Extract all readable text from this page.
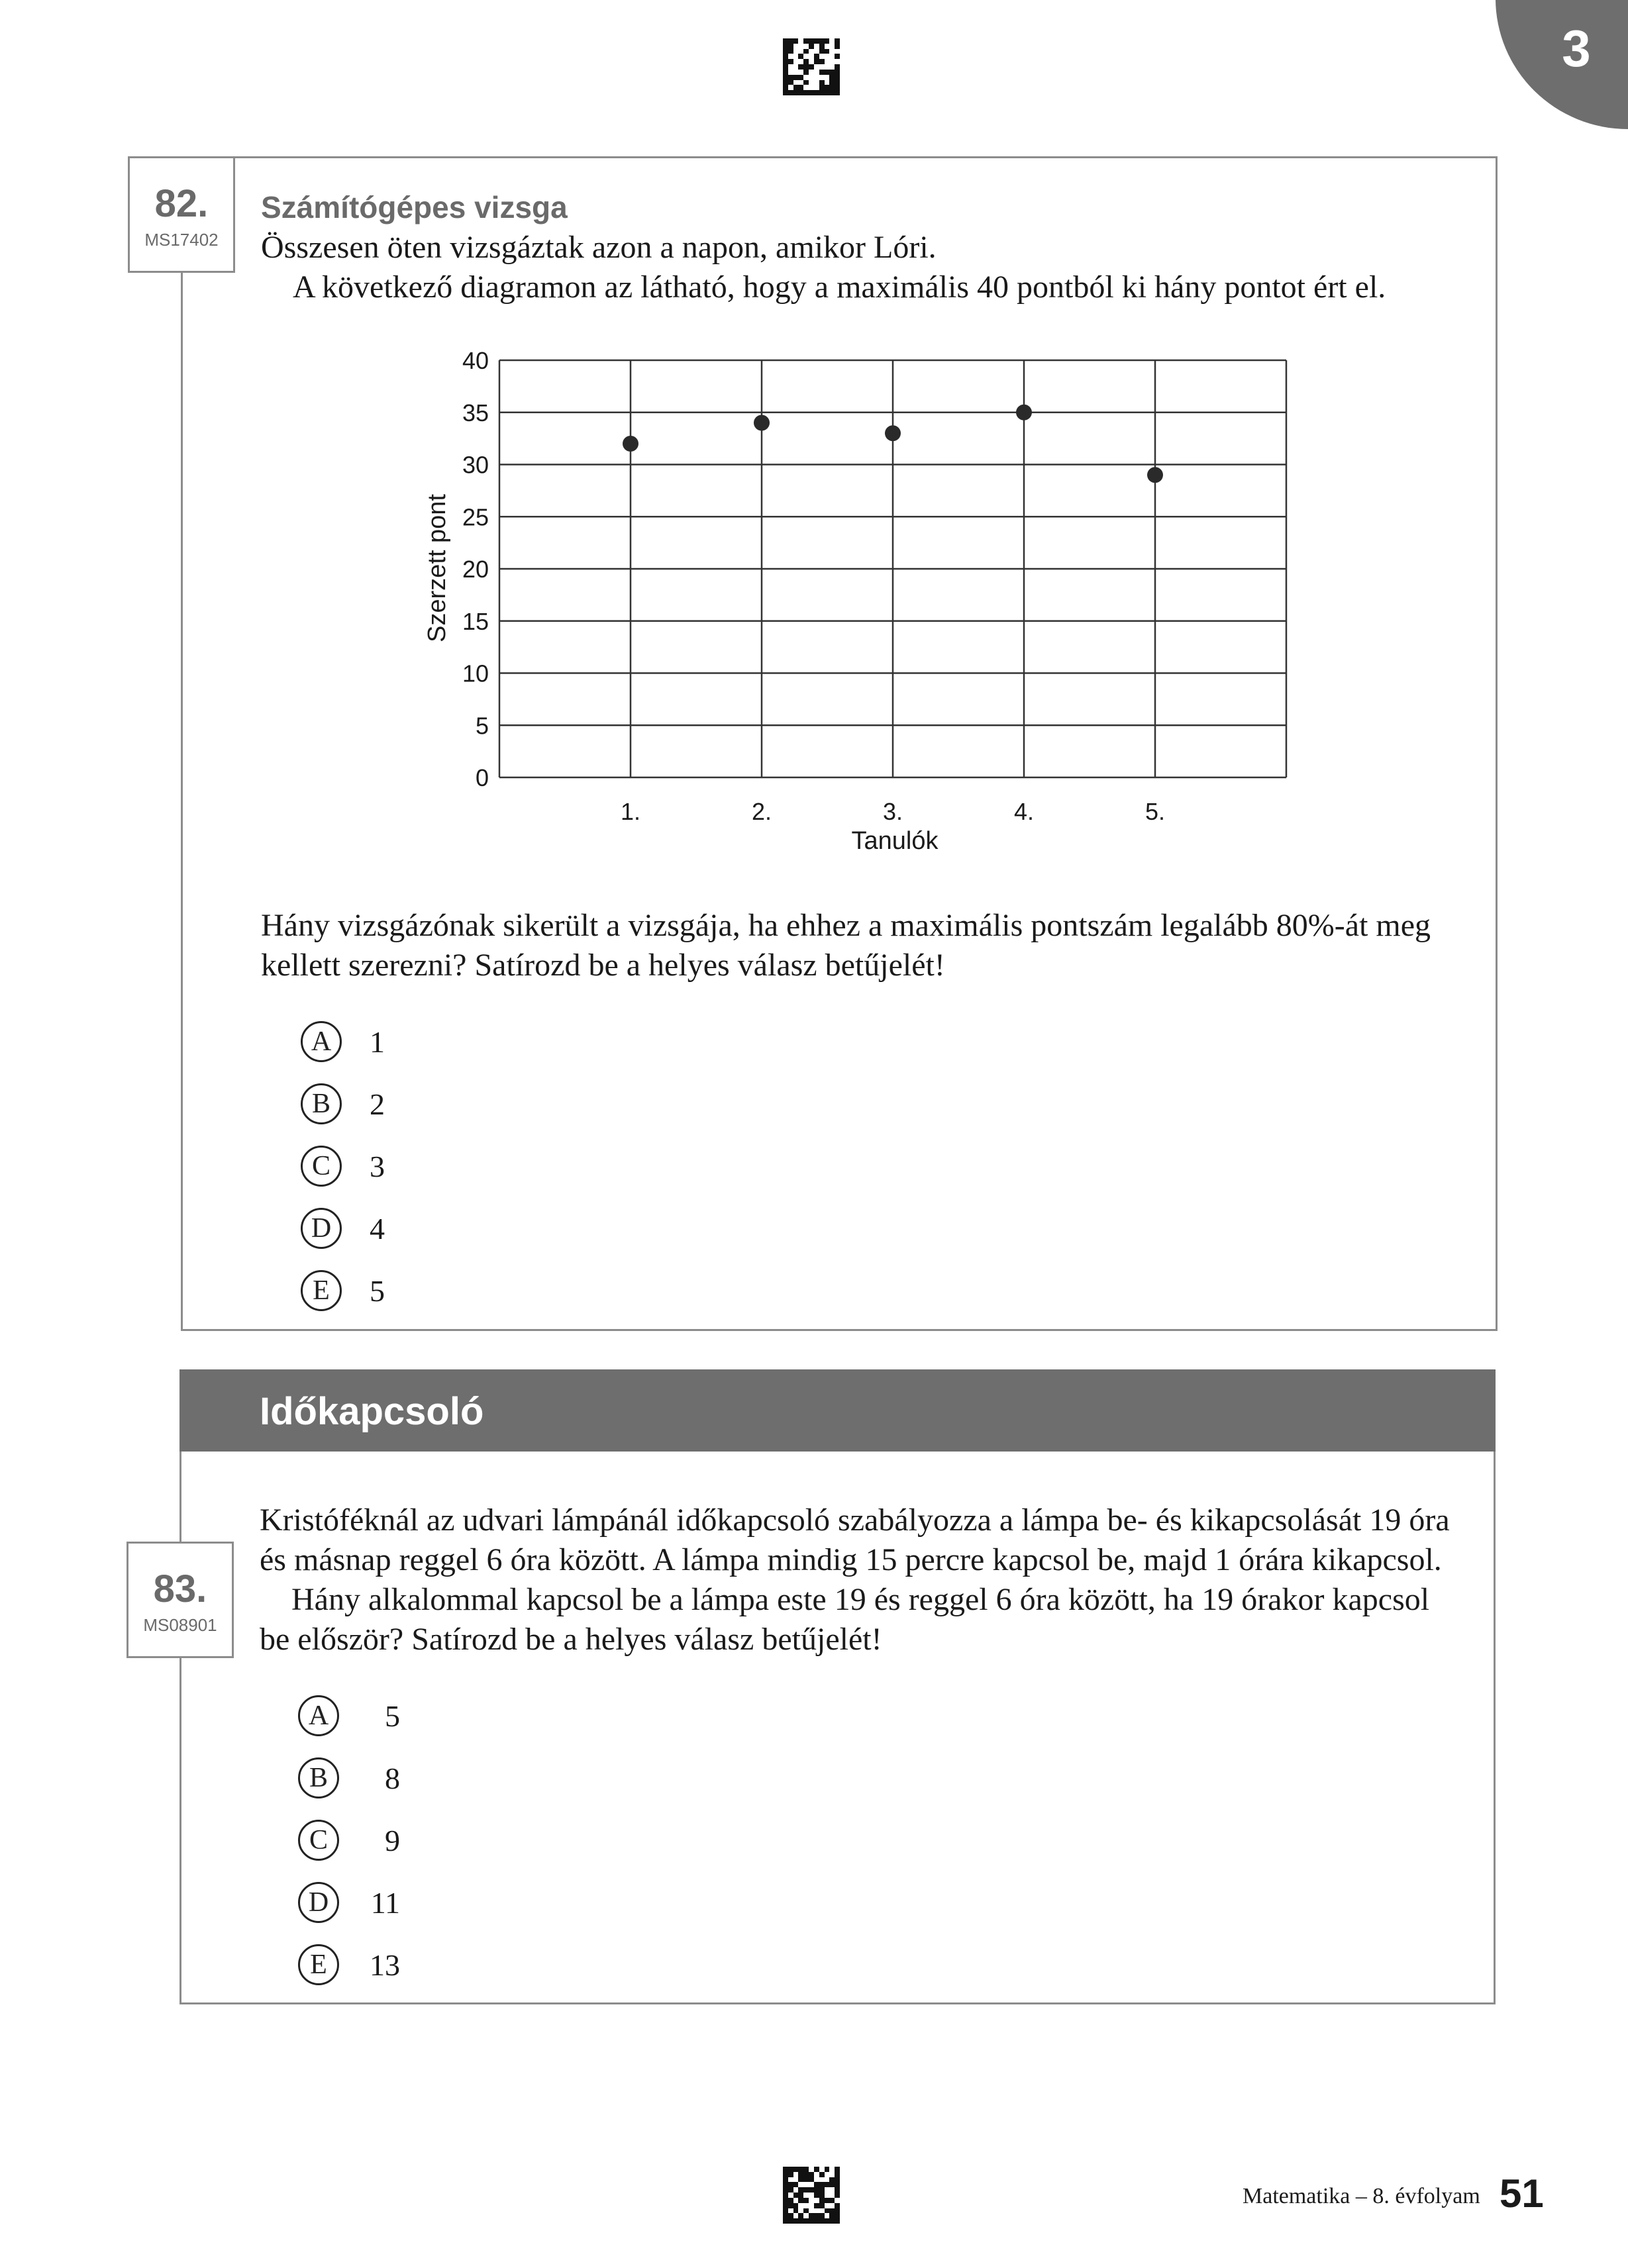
3
82.
MS17402
Számítógépes vizsga
Összesen öten vizsgáztak azon a napon, amikor Lóri.
A következő diagramon az látható, hogy a maximális 40 pontból ki hány pontot ért el.
0
5
10
15
20
25
30
35
40
1.	2.	3.	4.	5.
Tanulók
Szerzett pont
Hány vizsgázónak sikerült a vizsgája, ha ehhez a maximális pontszám legalább 80%-át meg
kellett szerezni? Satírozd be a helyes válasz betűjelét!
A	1
B	2
C	3
D	4
E	5
Időkapcsoló
83.
MS08901
Kristóféknál az udvari lámpánál időkapcsoló szabályozza a lámpa be- és kikapcsolását 19 óra
és másnap reggel 6 óra között. A lámpa mindig 15 percre kapcsol be, majd 1 órára kikapcsol.
Hány alkalommal kapcsol be a lámpa este 19 és reggel 6 óra között, ha 19 órakor kapcsol
be először? Satírozd be a helyes válasz betűjelét!
A	5
B	8
C	9
D	11
E	13
Matematika – 8. évfolyam 51
